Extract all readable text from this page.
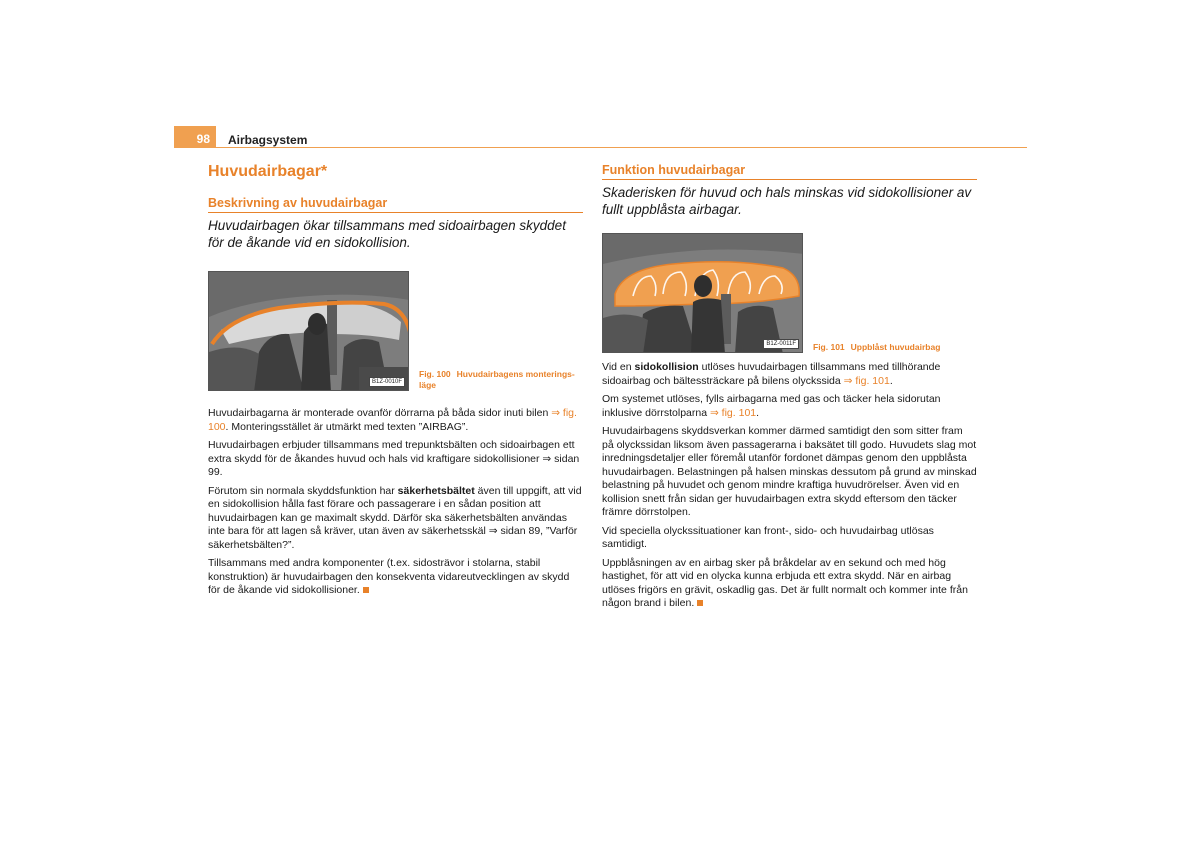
98	Airbagsystem
Huvudairbagar*
Beskrivning av huvudairbagar

Huvudairbagen ökar tillsammans med sidoairbagen skyddet för de åkande vid en sidokollision.

B1Z-0010F
Fig. 100 Huvudairbagens monterings-läge

Huvudairbagarna är monterade ovanför dörrarna på båda sidor inuti bilen ⇒ fig. 100. Monteringsstället är utmärkt med texten ”AIRBAG”.

Huvudairbagen erbjuder tillsammans med trepunktsbälten och sidoairbagen ett extra skydd för de åkandes huvud och hals vid kraftigare sidokollisioner ⇒ sidan 99.

Förutom sin normala skyddsfunktion har säkerhetsbältet även till uppgift, att vid en sidokollision hålla fast förare och passagerare i en sådan position att huvudairbagen kan ge maximalt skydd. Därför ska säkerhetsbälten användas inte bara för att lagen så kräver, utan även av säkerhetsskäl ⇒ sidan 89, ”Varför säkerhetsbälten?”.

Tillsammans med andra komponenter (t.ex. sidosträvor i stolarna, stabil konstruktion) är huvudairbagen den konsekventa vidareutvecklingen av skydd för de åkande vid sidokollisioner.

Funktion huvudairbagar

Skaderisken för huvud och hals minskas vid sidokollisioner av fullt uppblåsta airbagar.

B1Z-0011F	Fig. 101 Uppblåst huvudairbag

Vid en sidokollision utlöses huvudairbagen tillsammans med tillhörande sidoairbag och bältessträckare på bilens olyckssida ⇒ fig. 101.

Om systemet utlöses, fylls airbagarna med gas och täcker hela sidorutan inklusive dörrstolparna ⇒ fig. 101.

Huvudairbagens skyddsverkan kommer därmed samtidigt den som sitter fram på olyckssidan liksom även passagerarna i baksätet till godo. Huvudets slag mot inredningsdetaljer eller föremål utanför fordonet dämpas genom den uppblåsta huvudairbagen. Belastningen på halsen minskas dessutom på grund av minskad belastning på huvudet och genom mindre kraftiga huvudrörelser. Även vid en kollision snett från sidan ger huvudairbagen extra skydd eftersom den täcker främre dörrstolpen.

Vid speciella olyckssituationer kan front-, sido- och huvudairbag utlösas samtidigt.

Uppblåsningen av en airbag sker på bråkdelar av en sekund och med hög hastighet, för att vid en olycka kunna erbjuda ett extra skydd. När en airbag utlöses frigörs en grävit, oskadlig gas. Det är fullt normalt och kommer inte från någon brand i bilen.
